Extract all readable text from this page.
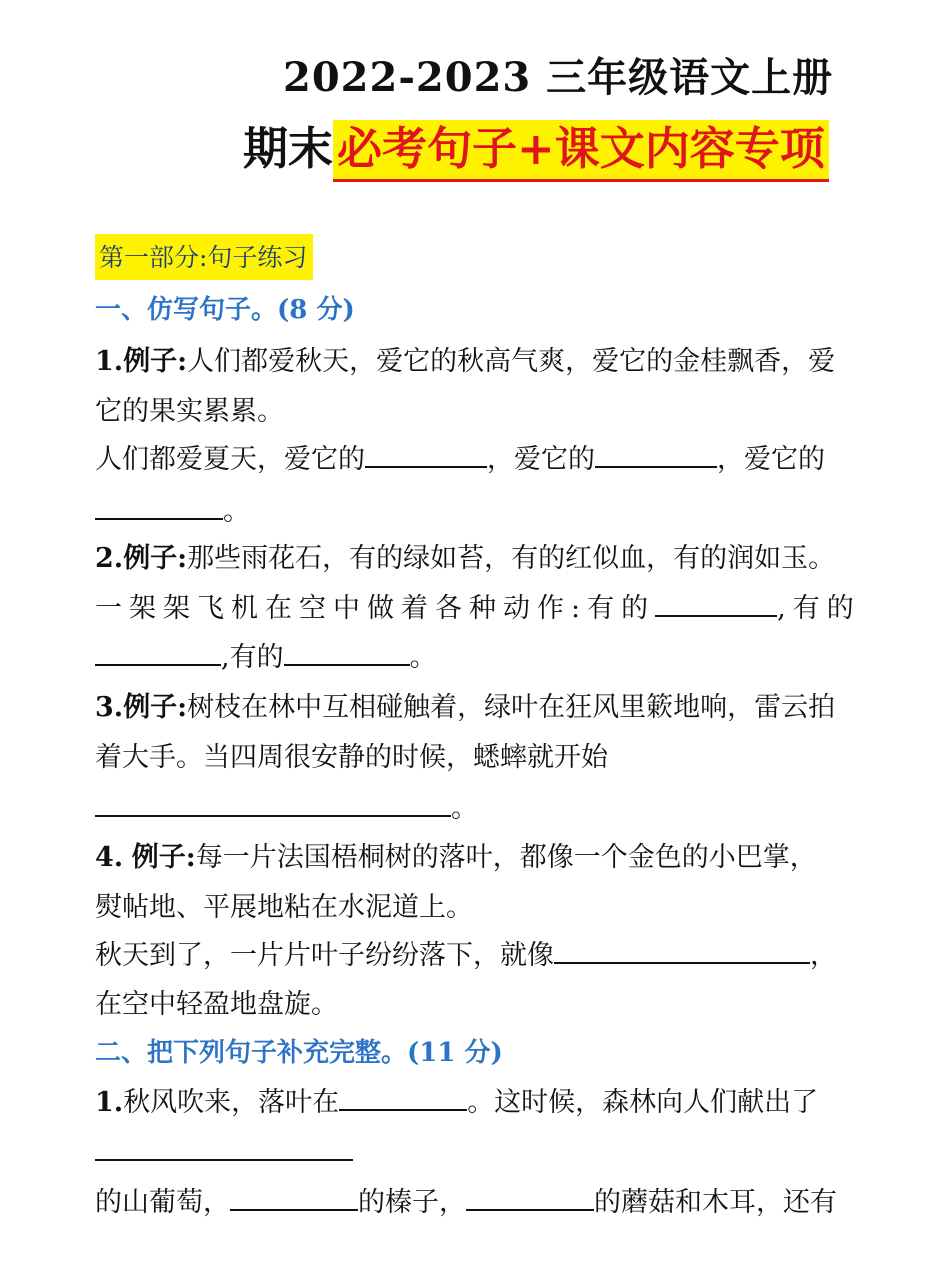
2022-2023 三年级语文上册
期末必考句子+课文内容专项
第一部分:句子练习
一、仿写句子。(8 分)
1.例子:人们都爱秋天，爱它的秋高气爽，爱它的金桂飘香，爱
它的果实累累。
人们都爱夏天，爱它的	，爱它的	，爱它的
。
2.例子:那些雨花石，有的绿如苔，有的红似血，有的润如玉。
一架架飞机在空中做着各种动作:有的	,有的
,有的	。
3.例子:树枝在林中互相碰触着，绿叶在狂风里簌地响，雷云拍
着大手。当四周很安静的时候，蟋蟀就开始
。
4. 例子:每一片法国梧桐树的落叶，都像一个金色的小巴掌，
熨帖地、平展地粘在水泥道上。
秋天到了，一片片叶子纷纷落下，就像	，
在空中轻盈地盘旋。
二、把下列句子补充完整。(11 分)
1.秋风吹来，落叶在	。这时候，森林向人们献出了
的山葡萄，	的榛子，	的蘑菇和木耳，还有
